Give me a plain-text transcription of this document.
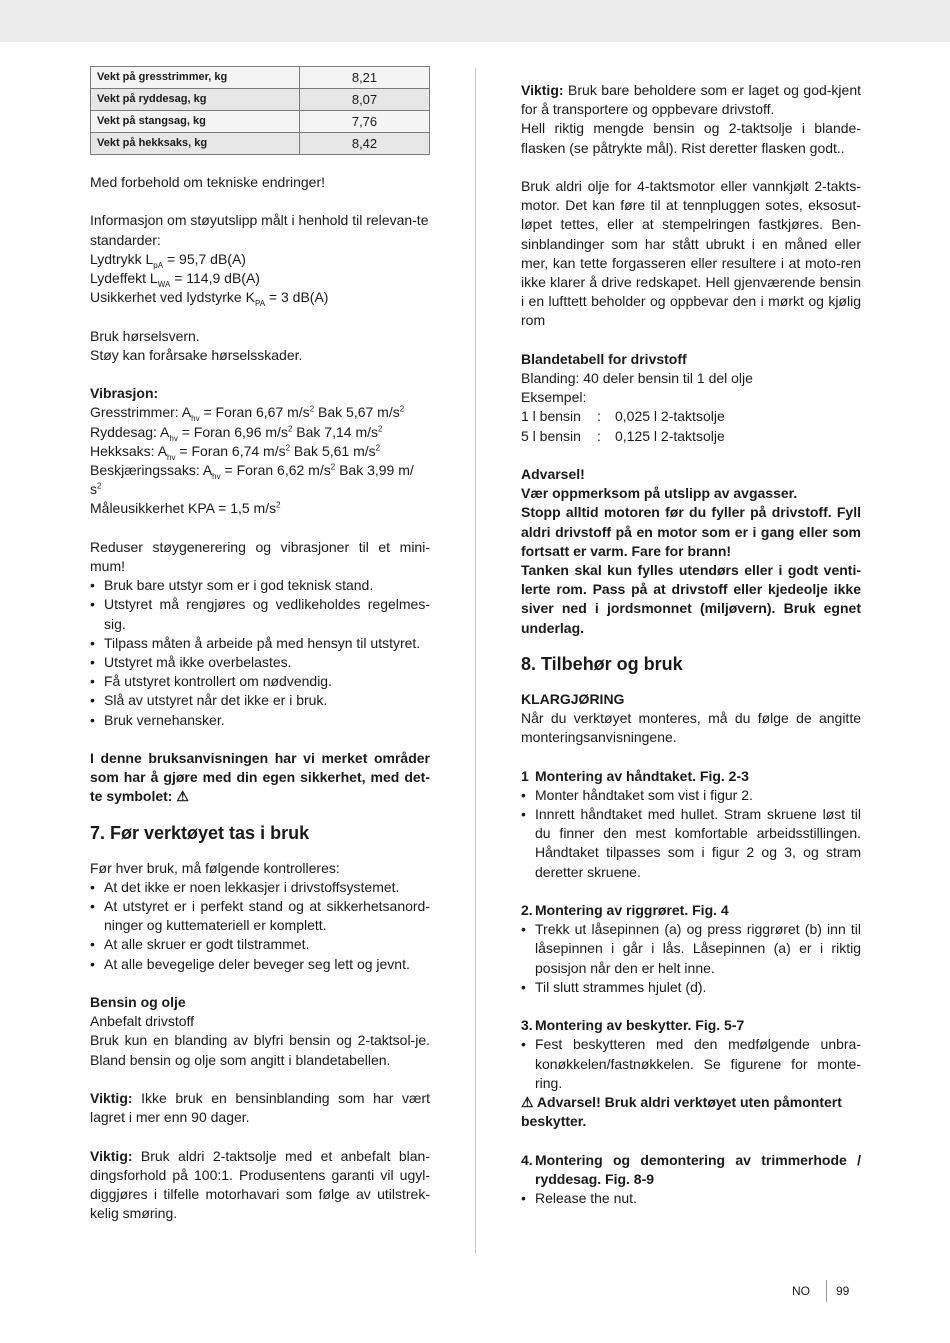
Vekt på gresstrimmer, kg	8,21
Vekt på ryddesag, kg	8,07
Vekt på stangsag, kg	7,76
Vekt på hekksaks, kg	8,42

Med forbehold om tekniske endringer!

Informasjon om støyutslipp målt i henhold til relevan-te standarder:

Lydtrykk $L_{pA} = 95,7$ dB(A)

Lydeffekt $L_{WA} = 114,9$ dB(A)

Usikkerhet ved lydstyrke $K_{PA} = 3$ dB(A)

Bruk hørselsvern.

Støy kan forårsake hørselsskader.

Vibrasjon:

Gresstrimmer: $A_{hv}$ = Foran 6,67 $m/s^2$ Bak 5,67 $m/s^2$

Ryddesag: $A_{hv}$ = Foran 6,96 $m/s^2$ Bak 7,14 $m/s^2$

Hekksaks: $A_{hv}$ = Foran 6,74 $m/s^2$ Bak 5,61 $m/s^2$

Beskjæringssaks: $A_{hv}$ = Foran 6,62 $m/s^2$ Bak 3,99 m/
$s^2$

Måleusikkerhet KPA = 1,5 $m/s^2$

Reduser støygenerering og vibrasjoner til et mini-mum!

• Bruk bare utstyr som er i god teknisk stand.
• Utstyret må rengjøres og vedlikeholdes regelmes-sig.
• Tilpass måten å arbeide på med hensyn til utstyret.
• Utstyret må ikke overbelastes.
• Få utstyret kontrollert om nødvendig.
• Slå av utstyret når det ikke er i bruk.
• Bruk vernehansker.

I denne bruksanvisningen har vi merket områder som har å gjøre med din egen sikkerhet, med det-te symbolet: ⚠

7. Før verktøyet tas i bruk

Før hver bruk, må følgende kontrolleres:

• At det ikke er noen lekkasjer i drivstoffsystemet.
• At utstyret er i perfekt stand og at sikkerhetsanord-ninger og kuttemateriell er komplett.
• At alle skruer er godt tilstrammet.
• At alle bevegelige deler beveger seg lett og jevnt.

Bensin og olje

Anbefalt drivstoff

Bruk kun en blanding av blyfri bensin og 2-taktsol-je. Bland bensin og olje som angitt i blandetabellen.

Viktig: Ikke bruk en bensinblanding som har vært lagret i mer enn 90 dager.

Viktig: Bruk aldri 2-taktsolje med et anbefalt blan-dingsforhold på 100:1. Produsentens garanti vil ugyl-diggjøres i tilfelle motorhavari som følge av utilstrek-kelig smøring.

Viktig: Bruk bare beholdere som er laget og god-kjent for å transportere og oppbevare drivstoff.

Hell riktig mengde bensin og 2-taktsolje i blande-flasken (se påtrykte mål). Rist deretter flasken godt..

Bruk aldri olje for 4-taktsmotor eller vannkjølt 2-takts-motor. Det kan føre til at tennpluggen sotes, eksosut-løpet tettes, eller at stempelringen fastkjøres. Ben-sinblandinger som har stått ubrukt i en måned eller mer, kan tette forgasseren eller resultere i at moto-ren ikke klarer å drive redskapet. Hell gjenværende bensin i en lufttett beholder og oppbevar den i mørkt og kjølig rom

Blandetabell for drivstoff

Blanding: 40 deler bensin til 1 del olje

Eksempel:

1 l bensin	:	0,025 l 2-taktsolje

5 l bensin	:	0,125 l 2-taktsolje

Advarsel!
Vær oppmerksom på utslipp av avgasser.

Stopp alltid motoren før du fyller på drivstoff. Fyll aldri drivstoff på en motor som er i gang eller som fortsatt er varm. Fare for brann!

Tanken skal kun fylles utendørs eller i godt venti-lerte rom. Pass på at drivstoff eller kjedeolje ikke siver ned i jordsmonnet (miljøvern). Bruk egnet underlag.

8. Tilbehør og bruk

KLARGJØRING

Når du verktøyet monteres, må du følge de angitte monteringsanvisningene.

1 Montering av håndtaket. Fig. 2-3

• Monter håndtaket som vist i figur 2.
• Innrett håndtaket med hullet. Stram skruene løst til du finner den mest komfortable arbeidsstillingen. Håndtaket tilpasses som i figur 2 og 3, og stram deretter skruene.

2. Montering av riggrøret. Fig. 4

• Trekk ut låsepinnen (a) og press riggrøret (b) inn til låsepinnen i går i lås. Låsepinnen (a) er i riktig posisjon når den er helt inne.
• Til slutt strammes hjulet (d).

3. Montering av beskytter. Fig. 5-7

• Fest beskytteren med den medfølgende unbra-konøkkelen/fastnøkkelen. Se figurene for monte-ring.

⚠ Advarsel! Bruk aldri verktøyet uten påmontert beskytter.

4. Montering og demontering av trimmerhode / ryddesag. Fig. 8-9

• Release the nut.
NO 99
